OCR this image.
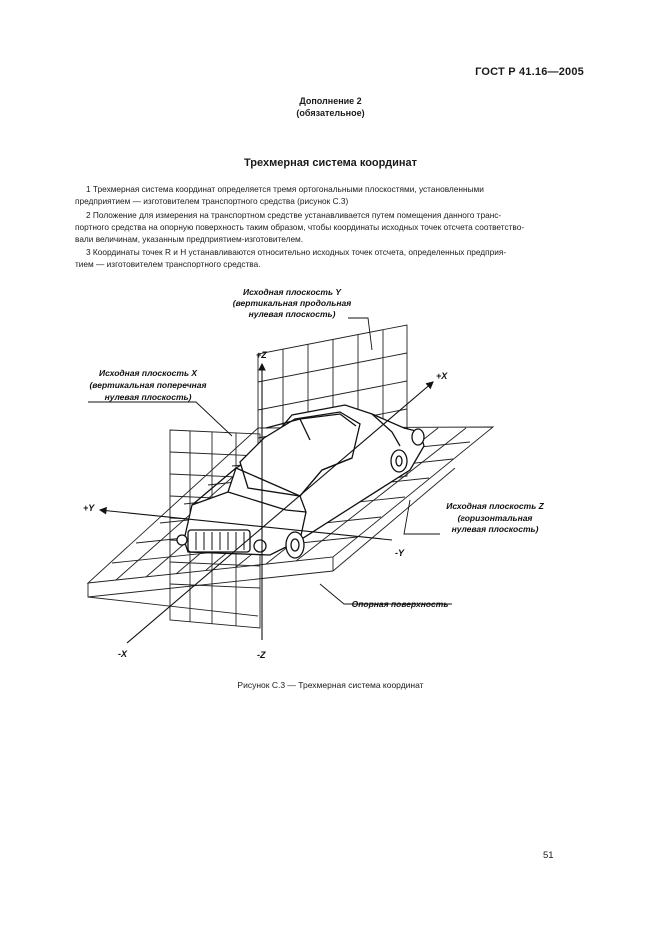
ГОСТ Р 41.16—2005
Дополнение 2
(обязательное)
Трехмерная система координат
1 Трехмерная система координат определяется тремя ортогональными плоскостями, установленными
предприятием — изготовителем транспортного средства (рисунок С.3)
2 Положение для измерения на транспортном средстве устанавливается путем помещения данного транс-
портного средства на опорную поверхность таким образом, чтобы координаты исходных точек отсчета соответство-
вали величинам, указанным предприятием-изготовителем.
3 Координаты точек R и H устанавливаются относительно исходных точек отсчета, определенных предприя-
тием — изготовителем транспортного средства.
Исходная плоскость Y
(вертикальная продольная
нулевая плоскость)
Исходная плоскость X
(вертикальная поперечная
нулевая плоскость)
Исходная плоскость Z
(горизонтальная
нулевая плоскость)
Опорная поверхность
+Z
-Z
+X
-X
+Y
-Y
Рисунок С.3 — Трехмерная система координат
51
